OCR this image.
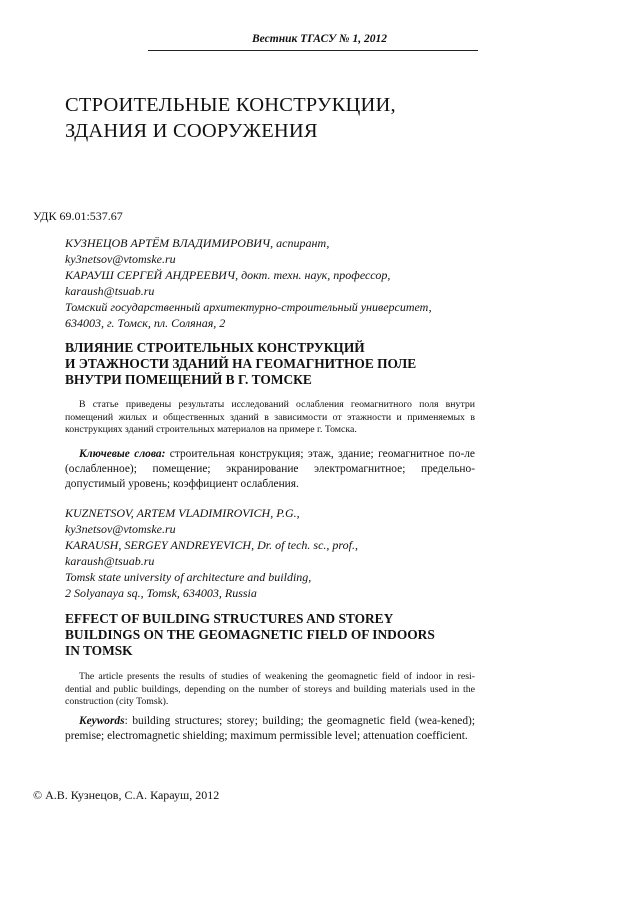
Вестник ТГАСУ № 1, 2012
СТРОИТЕЛЬНЫЕ КОНСТРУКЦИИ,
ЗДАНИЯ И СООРУЖЕНИЯ
УДК 69.01:537.67
КУЗНЕЦОВ АРТЁМ ВЛАДИМИРОВИЧ, аспирант,
ky3netsov@vtomske.ru
КАРАУШ СЕРГЕЙ АНДРЕЕВИЧ, докт. техн. наук, профессор,
karaush@tsuab.ru
Томский государственный архитектурно-строительный университет,
634003, г. Томск, пл. Соляная, 2
ВЛИЯНИЕ СТРОИТЕЛЬНЫХ КОНСТРУКЦИЙ
И ЭТАЖНОСТИ ЗДАНИЙ НА ГЕОМАГНИТНОЕ ПОЛЕ
ВНУТРИ ПОМЕЩЕНИЙ В Г. ТОМСКЕ

В статье приведены результаты исследований ослабления геомагнитного поля внутри помещений жилых и общественных зданий в зависимости от этажности и применяемых в конструкциях зданий строительных материалов на примере г. Томска.

Ключевые слова: строительная конструкция; этаж, здание; геомагнитное по-ле (ослабленное); помещение; экранирование электромагнитное; предельно-допустимый уровень; коэффициент ослабления.

KUZNETSOV, ARTEM VLADIMIROVICH, P.G.,
ky3netsov@vtomske.ru
KARAUSH, SERGEY ANDREYEVICH, Dr. of tech. sc., prof.,
karaush@tsuab.ru
Tomsk state university of architecture and building,
2 Solyanaya sq., Tomsk, 634003, Russia
EFFECT OF BUILDING STRUCTURES AND STOREY
BUILDINGS ON THE GEOMAGNETIC FIELD OF INDOORS
IN TOMSK

The article presents the results of studies of weakening the geomagnetic field of indoor in resi-dential and public buildings, depending on the number of storeys and building materials used in the construction (city Tomsk).

Keywords: building structures; storey; building; the geomagnetic field (wea-kened); premise; electromagnetic shielding; maximum permissible level; attenuation coefficient.

© А.В. Кузнецов, С.А. Карауш, 2012
